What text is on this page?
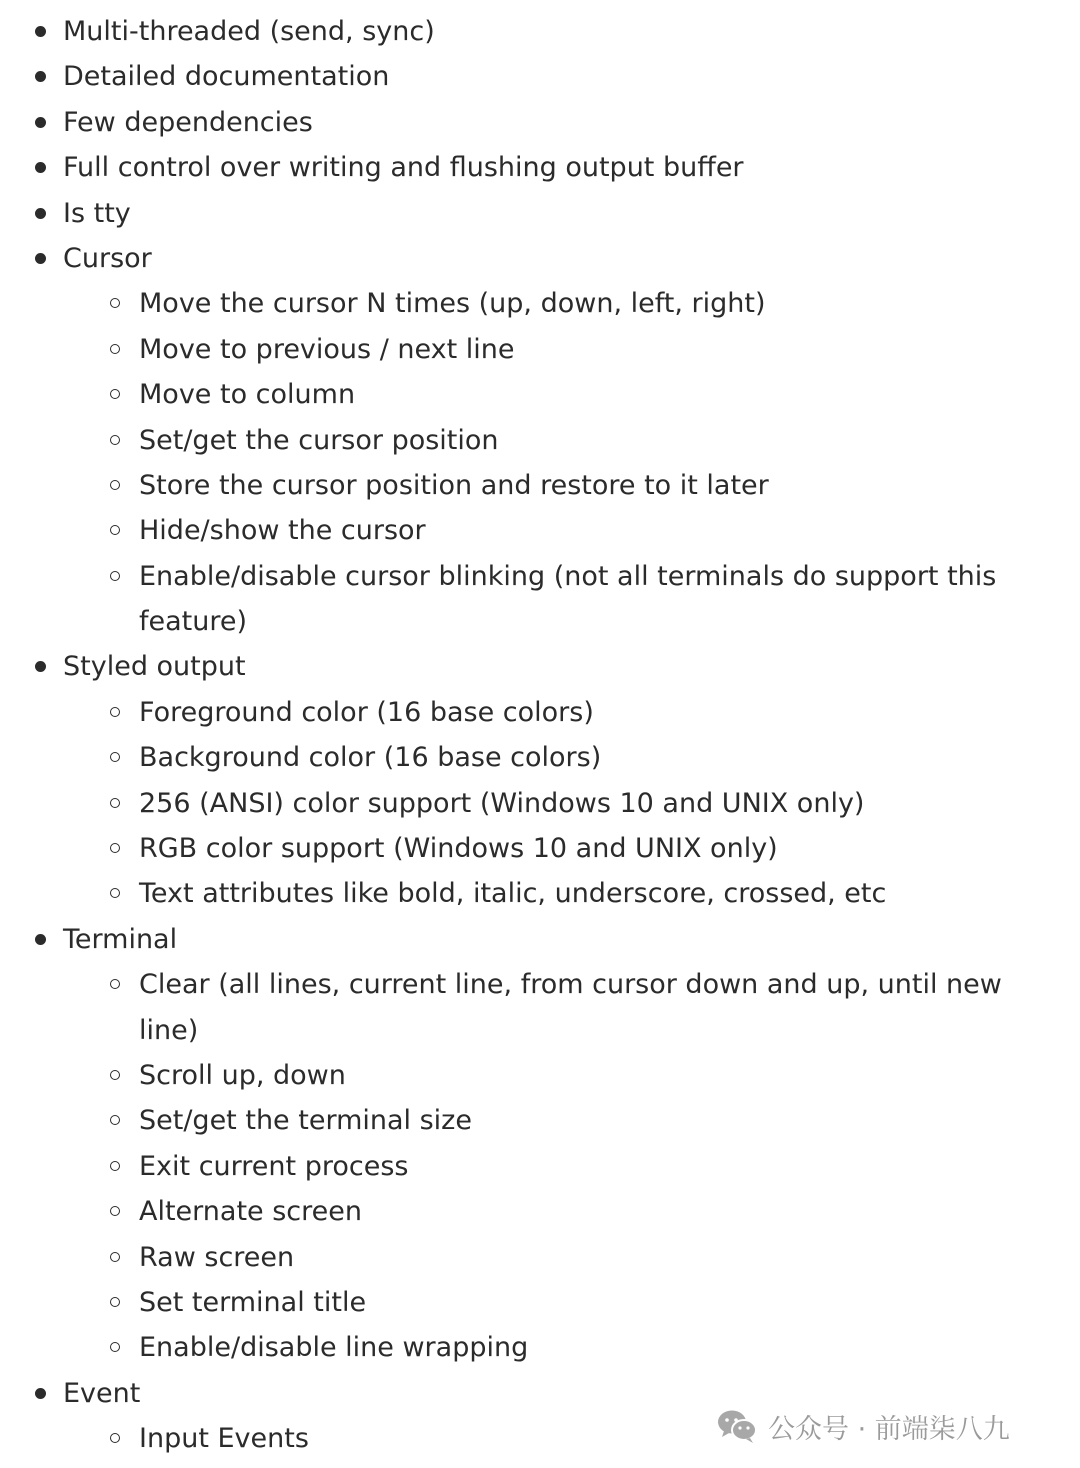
Multi-threaded (send, sync)
Detailed documentation
Few dependencies
Full control over writing and flushing output buffer
Is tty
Cursor
Move the cursor N times (up, down, left, right)
Move to previous / next line
Move to column
Set/get the cursor position
Store the cursor position and restore to it later
Hide/show the cursor
Enable/disable cursor blinking (not all terminals do support this
feature)
Styled output
Foreground color (16 base colors)
Background color (16 base colors)
256 (ANSI) color support (Windows 10 and UNIX only)
RGB color support (Windows 10 and UNIX only)
Text attributes like bold, italic, underscore, crossed, etc
Terminal
Clear (all lines, current line, from cursor down and up, until new
line)
Scroll up, down
Set/get the terminal size
Exit current process
Alternate screen
Raw screen
Set terminal title
Enable/disable line wrapping
Event
Input Events	公众号 · 前端柒八九
